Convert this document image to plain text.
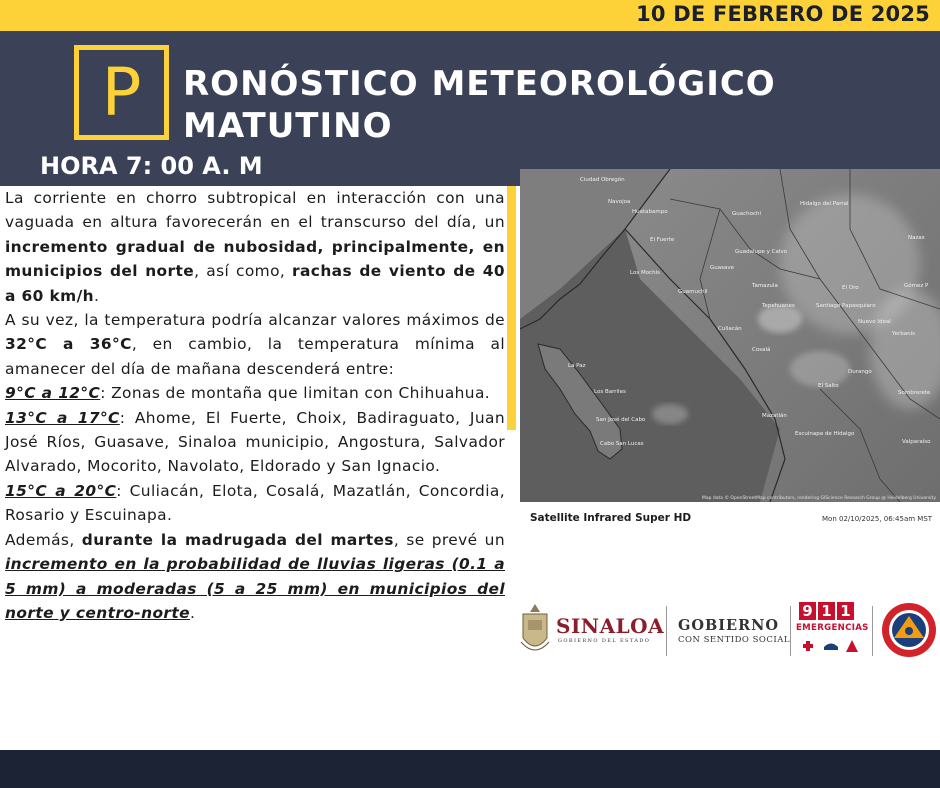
10 DE FEBRERO DE 2025
P	RONÓSTICO METEOROLÓGICO
MATUTINO
HORA 7: 00 A. M

La corriente en chorro subtropical en interacción con una vaguada en altura favorecerán en el transcurso del día, un incremento gradual de nubosidad, principalmente, en municipios del norte, así como, rachas de viento de 40 a 60 km/h.

A su vez, la temperatura podría alcanzar valores máximos de 32°C a 36°C, en cambio, la temperatura mínima al amanecer del día de mañana descenderá entre:

9°C a 12°C: Zonas de montaña que limitan con Chihuahua.

13°C a 17°C: Ahome, El Fuerte, Choix, Badiraguato, Juan José Ríos, Guasave, Sinaloa municipio, Angostura, Salvador Alvarado, Mocorito, Navolato, Eldorado y San Ignacio.

15°C a 20°C: Culiacán, Elota, Cosalá, Mazatlán, Concordia, Rosario y Escuinapa.

Además, durante la madrugada del martes, se prevé un incremento en la probabilidad de lluvias ligeras (0.1 a 5 mm) a moderadas (5 a 25 mm) en municipios del norte y centro-norte.

Ciudad Obregón
Navojoa
Huatabampo	Guachochi
Hidalgo del Parral
El Fuerte
Guadalupe y Calvo
Los Mochis
Guasave
Guamuchil
Culiacán
Tepehuanes	Santiago Papasquiaro
Cosalá
La Paz
Los Barriles
San José del Cabo
Cabo San Lucas
Mazatlán
El Salto
Durango
Escuinapa de Hidalgo
Valparaíso
Sombrerete
Gómez P
Nazas
Yerbanis
El Oro
Nuevo Ideal
Tamazula
Map data © OpenStreetMap contributors, rendering GIScience Research Group @ Heidelberg University
Satellite Infrared Super HD	Mon 02/10/2025, 06:45am MST
SINALOA
GOBIERNO DEL ESTADO
GOBIERNO
CON SENTIDO SOCIAL
9 1 1
EMERGENCIAS
